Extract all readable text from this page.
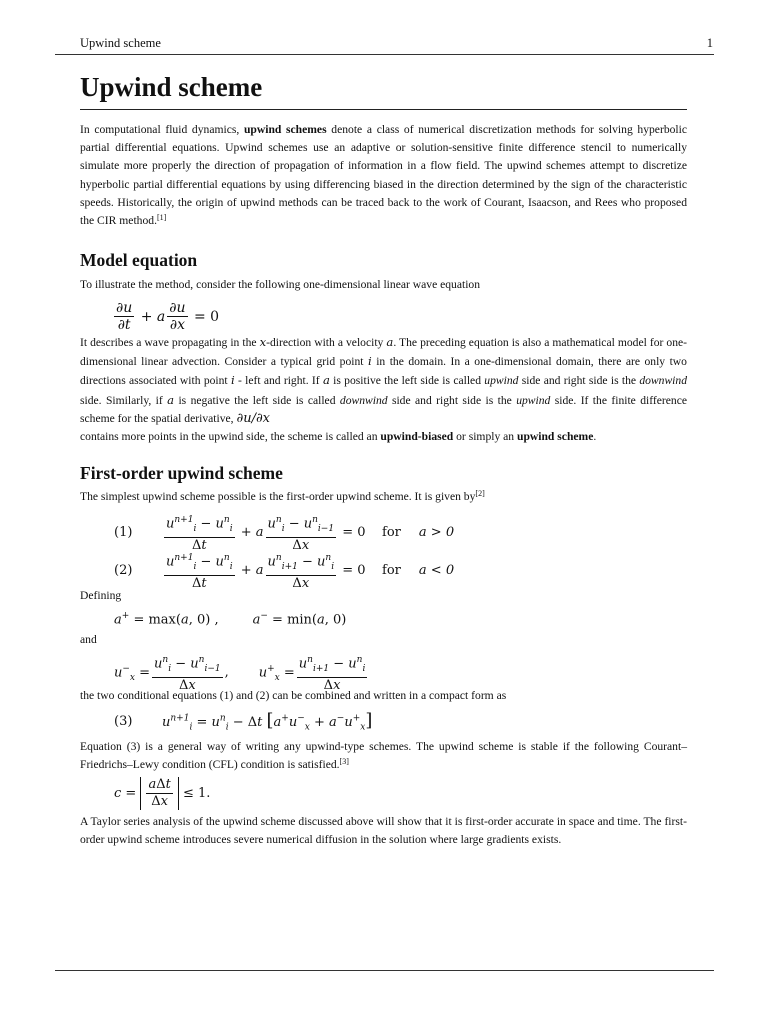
Upwind scheme	1
Upwind scheme
In computational fluid dynamics, upwind schemes denote a class of numerical discretization methods for solving hyperbolic partial differential equations. Upwind schemes use an adaptive or solution-sensitive finite difference stencil to numerically simulate more properly the direction of propagation of information in a flow field. The upwind schemes attempt to discretize hyperbolic partial differential equations by using differencing biased in the direction determined by the sign of the characteristic speeds. Historically, the origin of upwind methods can be traced back to the work of Courant, Isaacson, and Rees who proposed the CIR method.[1]
Model equation
To illustrate the method, consider the following one-dimensional linear wave equation
$\frac{\partial u}{\partial t} + a \frac{\partial u}{\partial x} = 0$
It describes a wave propagating in the x-direction with a velocity a. The preceding equation is also a mathematical model for one-dimensional linear advection. Consider a typical grid point i in the domain. In a one-dimensional domain, there are only two directions associated with point i - left and right. If a is positive the left side is called upwind side and right side is the downwind side. Similarly, if a is negative the left side is called downwind side and right side is the upwind side. If the finite difference scheme for the spatial derivative, ∂u/∂x
contains more points in the upwind side, the scheme is called an upwind-biased or simply an upwind scheme.
First-order upwind scheme
The simplest upwind scheme possible is the first-order upwind scheme. It is given by[2]
(1)	$\frac{u^{n+1}_i - u^n_i}{\Delta t} + a \frac{u^n_i - u^n_{i-1}}{\Delta x} = 0$ for a > 0
(2)	$\frac{u^{n+1}_i - u^n_i}{\Delta t} + a \frac{u^n_{i+1} - u^n_i}{\Delta x} = 0$ for a < 0
Defining
a+ = max(a, 0) ,	a− = min(a, 0)
and
$u^-_x = \frac{u^n_i - u^n_{i-1}}{\Delta x}$ , $u^+_x = \frac{u^n_{i+1} - u^n_i}{\Delta x}$
the two conditional equations (1) and (2) can be combined and written in a compact form as
(3)	$u^{n+1}_i = u^n_i - \Delta t$ $[a^+u^-_x + a^-u^+_x]$
Equation (3) is a general way of writing any upwind-type schemes. The upwind scheme is stable if the following Courant–Friedrichs–Lewy condition (CFL) condition is satisfied.[3]
$c = \frac{\text{aΔt}}{\Delta x} \le 1$.
A Taylor series analysis of the upwind scheme discussed above will show that it is first-order accurate in space and time. The first-order upwind scheme introduces severe numerical diffusion in the solution where large gradients exists.
